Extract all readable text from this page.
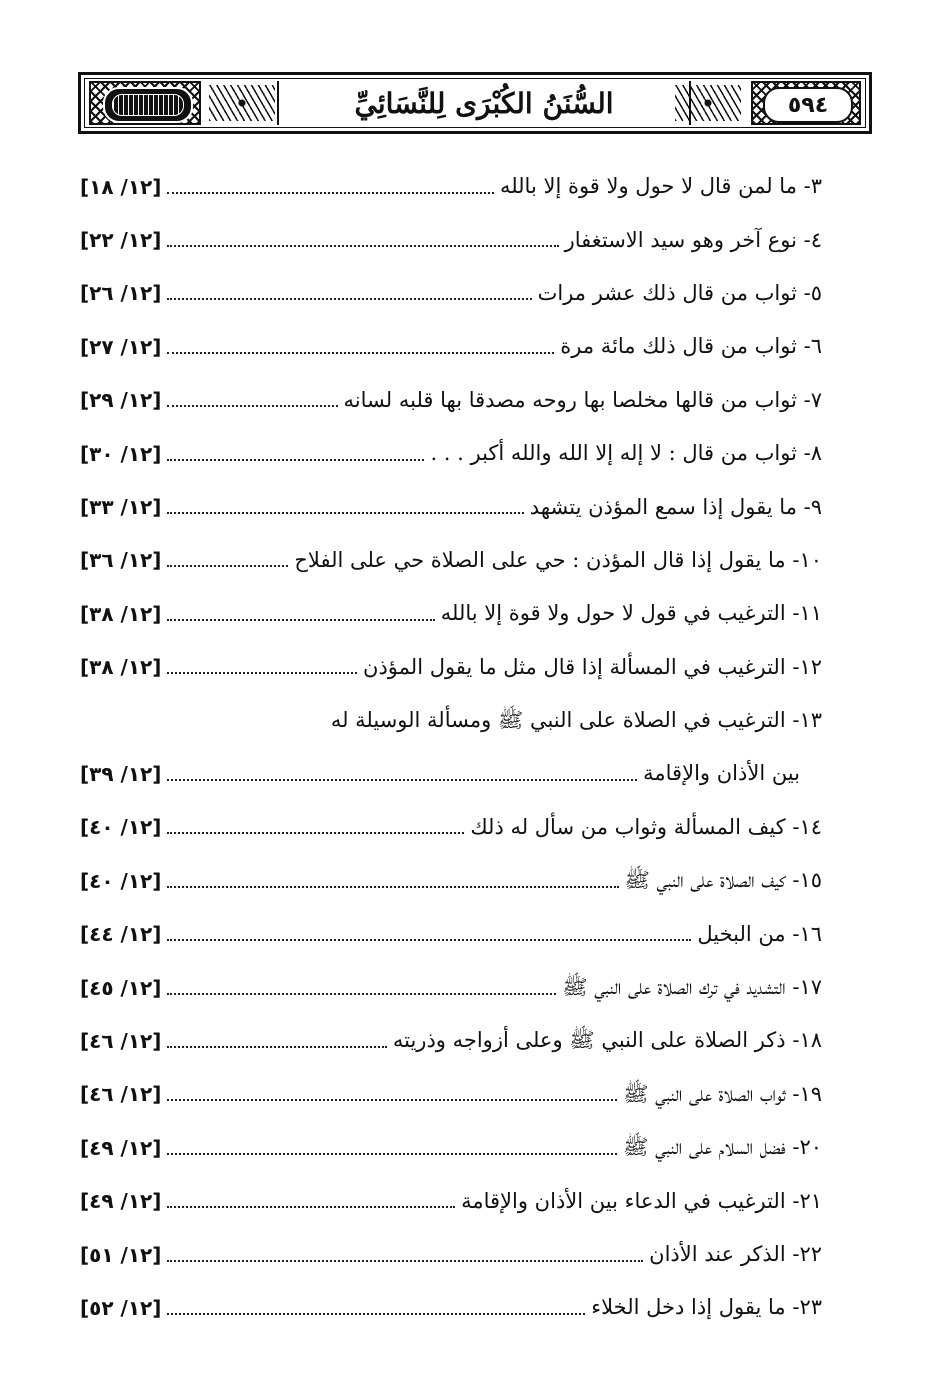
السُّنَنُ الكُبْرَى لِلنَّسَائِيِّ	٥٩٤
٣- ما لمن قال لا حول ولا قوة إلا بالله
[١٢/ ١٨]
٤- نوع آخر وهو سيد الاستغفار
[١٢/ ٢٢]
٥- ثواب من قال ذلك عشر مرات
[١٢/ ٢٦]
٦- ثواب من قال ذلك مائة مرة
[١٢/ ٢٧]
٧- ثواب من قالها مخلصا بها روحه مصدقا بها قلبه لسانه
[١٢/ ٢٩]
٨- ثواب من قال : لا إله إلا الله والله أكبر . . .
[١٢/ ٣٠]
٩- ما يقول إذا سمع المؤذن يتشهد
[١٢/ ٣٣]
١٠- ما يقول إذا قال المؤذن : حي على الصلاة حي على الفلاح
[١٢/ ٣٦]
١١- الترغيب في قول لا حول ولا قوة إلا بالله
[١٢/ ٣٨]
١٢- الترغيب في المسألة إذا قال مثل ما يقول المؤذن
[١٢/ ٣٨]
١٣- الترغيب في الصلاة على النبي ﷺ ومسألة الوسيلة له
بين الأذان والإقامة
[١٢/ ٣٩]
١٤- كيف المسألة وثواب من سأل له ذلك
[١٢/ ٤٠]
١٥- كيف الصلاة على النبي ﷺ
[١٢/ ٤٠]
١٦- من البخيل
[١٢/ ٤٤]
١٧- التشديد في ترك الصلاة على النبي ﷺ
[١٢/ ٤٥]
١٨- ذكر الصلاة على النبي ﷺ وعلى أزواجه وذريته
[١٢/ ٤٦]
١٩- ثواب الصلاة على النبي ﷺ
[١٢/ ٤٦]
٢٠- فضل السلام على النبي ﷺ
[١٢/ ٤٩]
٢١- الترغيب في الدعاء بين الأذان والإقامة
[١٢/ ٤٩]
٢٢- الذكر عند الأذان
[١٢/ ٥١]
٢٣- ما يقول إذا دخل الخلاء
[١٢/ ٥٢]
